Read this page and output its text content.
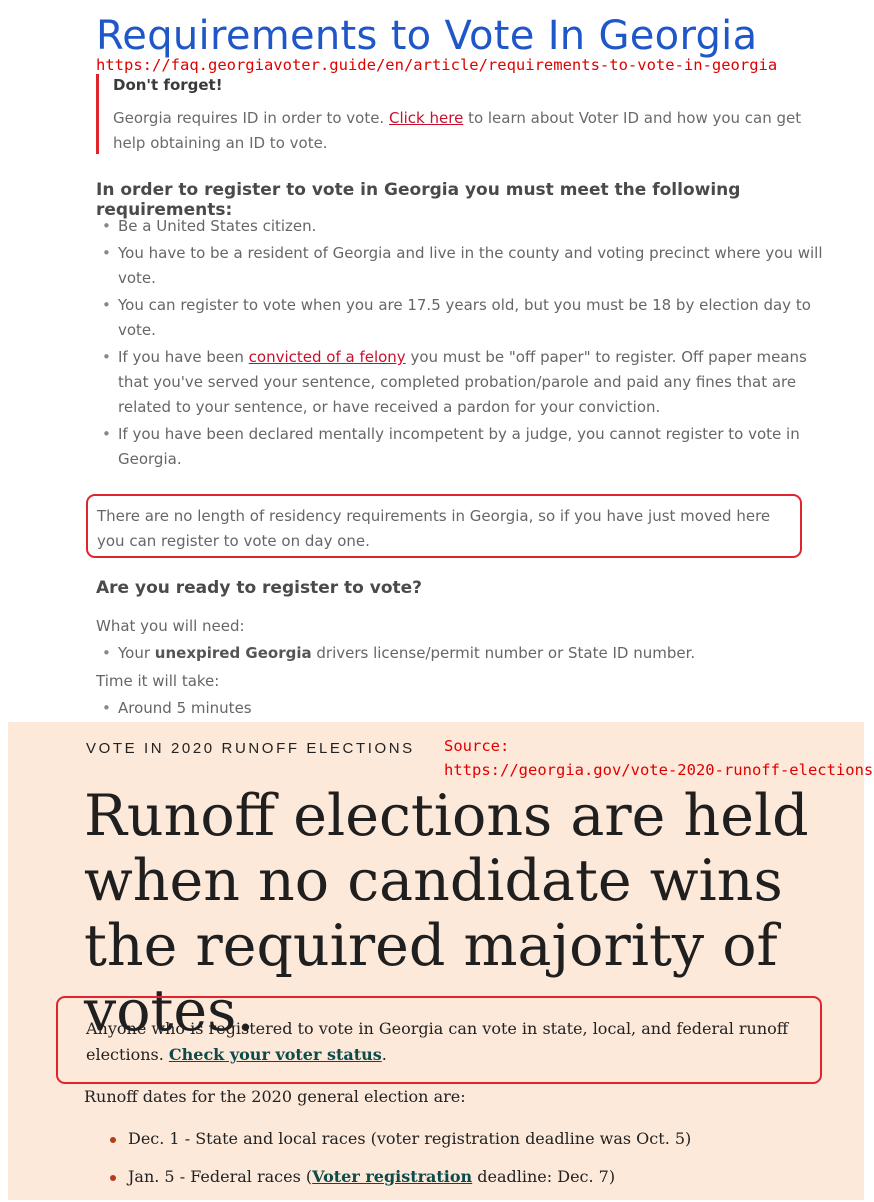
Requirements to Vote In Georgia
https://faq.georgiavoter.guide/en/article/requirements-to-vote-in-georgia
Don't forget!
Georgia requires ID in order to vote. Click here to learn about Voter ID and how you can get help obtaining an ID to vote.
In order to register to vote in Georgia you must meet the following requirements:
• Be a United States citizen.
• You have to be a resident of Georgia and live in the county and voting precinct where you will vote.
• You can register to vote when you are 17.5 years old, but you must be 18 by election day to vote.
• If you have been convicted of a felony you must be "off paper" to register. Off paper means that you've served your sentence, completed probation/parole and paid any fines that are related to your sentence, or have received a pardon for your conviction.
• If you have been declared mentally incompetent by a judge, you cannot register to vote in Georgia.
There are no length of residency requirements in Georgia, so if you have just moved here you can register to vote on day one.
Are you ready to register to vote?
What you will need:
• Your unexpired Georgia drivers license/permit number or State ID number.
Time it will take:
• Around 5 minutes
VOTE IN 2020 RUNOFF ELECTIONS Source:
https://georgia.gov/vote-2020-runoff-elections
Runoff elections are held when no candidate wins the required majority of votes.
Anyone who is registered to vote in Georgia can vote in state, local, and federal runoff elections. Check your voter status.
Runoff dates for the 2020 general election are:
Dec. 1 - State and local races (voter registration deadline was Oct. 5)
Jan. 5 - Federal races (Voter registration deadline: Dec. 7)
